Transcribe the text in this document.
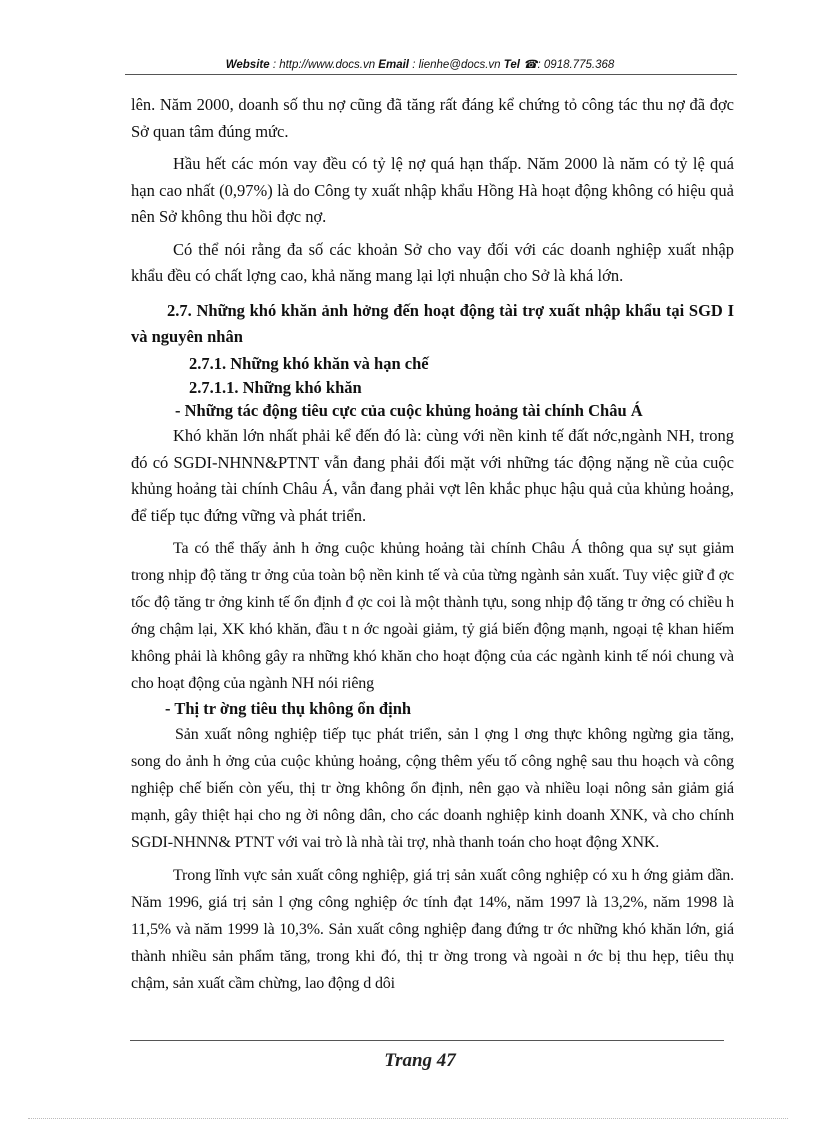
Website : http://www.docs.vn Email : lienhe@docs.vn Tel ☎: 0918.775.368

lên. Năm 2000, doanh số thu nợ cũng đã tăng rất đáng kể chứng tỏ công tác thu nợ đã đợc Sở quan tâm đúng mức.

Hầu hết các món vay đều có tỷ lệ nợ quá hạn thấp. Năm 2000 là năm có tỷ lệ quá hạn cao nhất (0,97%) là do Công ty xuất nhập khẩu Hồng Hà hoạt động không có hiệu quả nên Sở không thu hồi đợc nợ.

Có thể nói rằng đa số các khoản Sở cho vay đối với các doanh nghiệp xuất nhập khẩu đều có chất lợng cao, khả năng mang lại lợi nhuận cho Sở là khá lớn.

2.7. Những khó khăn ảnh hởng đến hoạt động tài trợ xuất nhập khẩu tại SGD I và nguyên nhân

2.7.1. Những khó khăn và hạn chế

2.7.1.1. Những khó khăn

- Những tác động tiêu cực của cuộc khủng hoảng tài chính Châu Á

Khó khăn lớn nhất phải kể đến đó là: cùng với nền kinh tế đất nớc,ngành NH, trong đó có SGDI-NHNN&PTNT vẫn đang phải đối mặt với những tác động nặng nề của cuộc khủng hoảng tài chính Châu Á, vẫn đang phải vợt lên khắc phục hậu quả của khủng hoảng, để tiếp tục đứng vững và phát triển.

Ta có thể thấy ảnh h ởng cuộc khủng hoảng tài chính Châu Á thông qua sự sụt giảm trong nhịp độ tăng tr ởng của toàn bộ nền kinh tế và của từng ngành sản xuất. Tuy việc giữ đ ợc tốc độ tăng tr ởng kinh tế ổn định đ ợc coi là một thành tựu, song nhịp độ tăng tr ởng có chiều h ớng chậm lại, XK khó khăn, đầu t n ớc ngoài giảm, tỷ giá biến động mạnh, ngoại tệ khan hiếm không phải là không gây ra những khó khăn cho hoạt động của các ngành kinh tế nói chung và cho hoạt động của ngành NH nói riêng

- Thị tr ờng tiêu thụ không ổn định

Sản xuất nông nghiệp tiếp tục phát triển, sản l ợng l ơng thực không ngừng gia tăng, song do ảnh h ởng của cuộc khủng hoảng, cộng thêm yếu tố công nghệ sau thu hoạch và công nghiệp chế biến còn yếu, thị tr ờng không ổn định, nên gạo và nhiều loại nông sản giảm giá mạnh, gây thiệt hại cho ng ời nông dân, cho các doanh nghiệp kinh doanh XNK, và cho chính SGDI-NHNN& PTNT với vai trò là nhà tài trợ, nhà thanh toán cho hoạt động XNK.

Trong lĩnh vực sản xuất công nghiệp, giá trị sản xuất công nghiệp có xu h ớng giảm dần. Năm 1996, giá trị sản l ợng công nghiệp ớc tính đạt 14%, năm 1997 là 13,2%, năm 1998 là 11,5% và năm 1999 là 10,3%. Sản xuất công nghiệp đang đứng tr ớc những khó khăn lớn, giá thành nhiều sản phẩm tăng, trong khi đó, thị tr ờng trong và ngoài n ớc bị thu hẹp, tiêu thụ chậm, sản xuất cầm chừng, lao động d dôi

Trang 47
